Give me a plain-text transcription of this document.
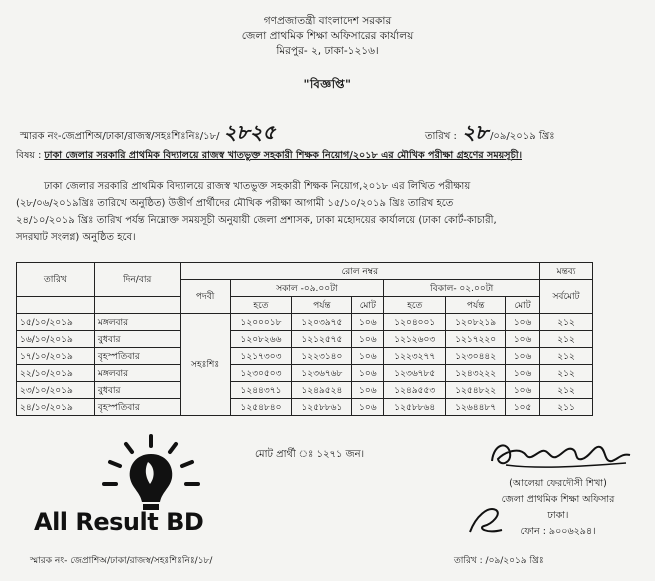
গণপ্রজাতন্ত্রী বাংলাদেশ সরকার
জেলা প্রাথমিক শিক্ষা অফিসারের কার্যালয়
মিরপুর- ২, ঢাকা-১২১৬।
"বিজ্ঞপ্তি"
স্মারক নং-জেপ্রাশিঅ/ঢাকা/রাজস্ব/সহঃশিঃনিঃ/১৮/ ২৮২৫	তারিখ : ২৮ /০৯/২০১৯ খ্রিঃ
বিষয় : ঢাকা জেলার সরকারি প্রাথমিক বিদ্যালয়ে রাজস্ব খাতভুক্ত সহকারী শিক্ষক নিয়োগ/২০১৮ এর মৌখিক পরীক্ষা গ্রহণের সময়সূচী।
ঢাকা জেলার সরকারি প্রাথমিক বিদ্যালয়ে রাজস্ব খাতভুক্ত সহকারী শিক্ষক নিয়োগ,২০১৮ এর লিখিত পরীক্ষায়
(২৮/০৬/২০১৯খ্রিঃ তারিখে অনুষ্ঠিত) উত্তীর্ণ প্রার্থীদের মৌখিক পরীক্ষা আগামী ১৫/১০/২০১৯ খ্রিঃ তারিখ হতে
২৪/১০/২০১৯ খ্রিঃ তারিখ পর্যন্ত নিম্নোক্ত সময়সূচী অনুযায়ী জেলা প্রশাসক, ঢাকা মহোদয়ের কার্যালয়ে (ঢাকা কোর্ট-কাচারী,
সদরঘাট সংলগ্ন) অনুষ্ঠিত হবে।
তারিখ	দিন/বার	রোল নম্বর							মন্তব্য
		পদবী	সকাল -০৯.০০টা			বিকাল- ০২.০০টা			সর্বমোট
			হতে	পর্যন্ত	মোট	হতে	পর্যন্ত	মোট	
১৫/১০/২০১৯	মঙ্গলবার	সহঃশিঃ	১২০০০১৮	১২০৩৯৭৫	১০৬	১২০৪০০১	১২০৮২১৯	১০৬	২১২
১৬/১০/২০১৯	বুধবার		১২০৮২৬৬	১২১২৫৭৫	১০৬	১২১২৬০৩	১২১৭২২০	১০৬	২১২
১৭/১০/২০১৯	বৃহস্পতিবার		১২১৭৩০৩	১২২৩১৪০	১০৬	১২২৩২৭৭	১২৩০৪৪২	১০৬	২১২
২২/১০/২০১৯	মঙ্গলবার		১২৩০৫০৩	১২৩৬৭৬৮	১০৬	১২৩৬৭৮৫	১২৪৩২২২	১০৬	২১২
২৩/১০/২০১৯	বুধবার		১২৪৪৩৭১	১২৪৯৫২৪	১০৬	১২৪৯৫৫৩	১২৫৪৮২২	১০৬	২১২
২৪/১০/২০১৯	বৃহস্পতিবার		১২৫৪৮৪০	১২৫৮৮৬১	১০৬	১২৫৮৮৬৪	১২৬৪৪৮৭	১০৫	২১১
মোট প্রার্থী ঃ ১২৭১ জন।
All Result BD
(আলেয়া ফেরদৌসী শিখা)
জেলা প্রাথমিক শিক্ষা অফিসার
ঢাকা।
ফোন : ৯০০৬২৯৪।
স্মারক নং- জেপ্রাশিঅ/ঢাকা/রাজস্ব/সহঃশিঃনিঃ/১৮/	তারিখ : /০৯/২০১৯ খ্রিঃ
